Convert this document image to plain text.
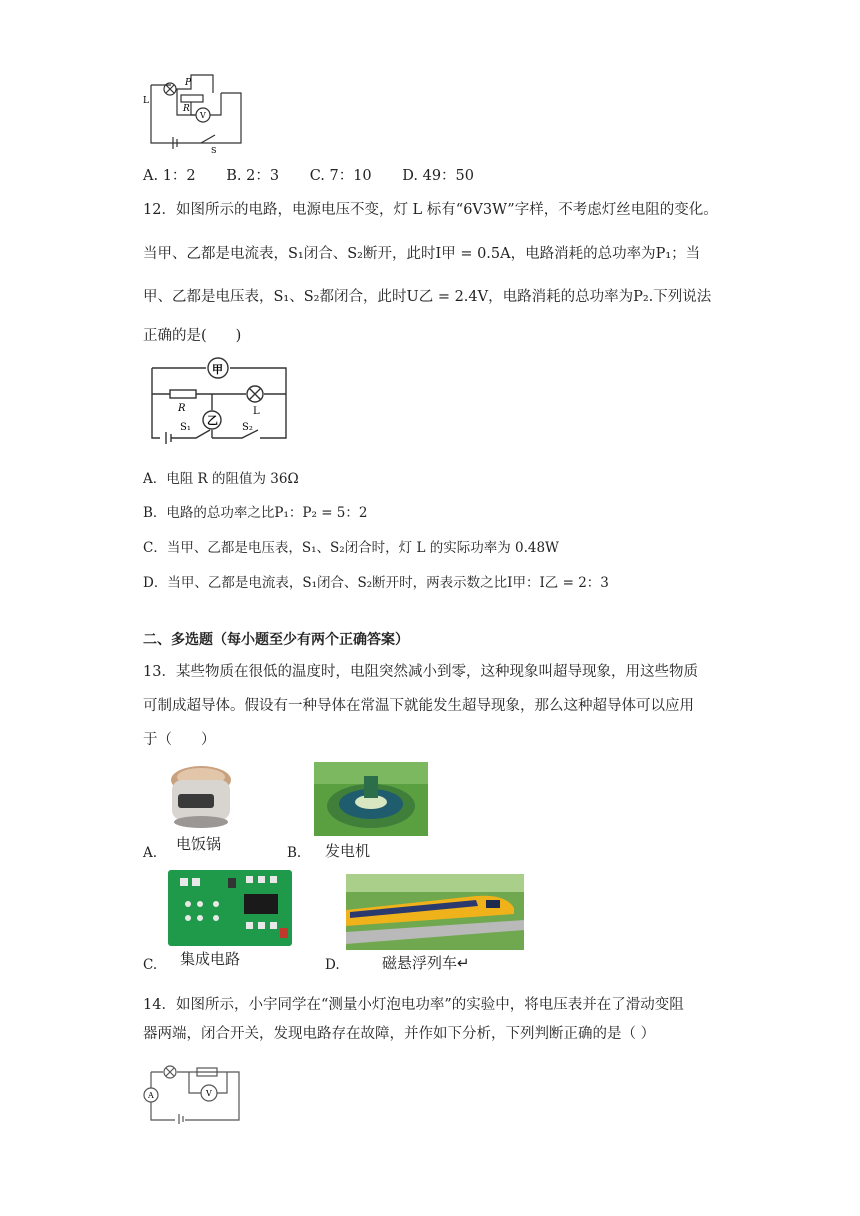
L
P
R
V
S
A. 1：2 B. 2：3 C. 7：10 D. 49：50
12．如图所示的电路，电源电压不变，灯 L 标有“6V3W”字样，不考虑灯丝电阻的变化。
当甲、乙都是电流表，S₁闭合、S₂断开，此时I甲 = 0.5A，电路消耗的总功率为P₁；当
甲、乙都是电压表，S₁、S₂都闭合，此时U乙 = 2.4V，电路消耗的总功率为P₂.下列说法
正确的是(　　)
甲
乙
R	L
S₁	S₂
A．电阻 R 的阻值为 36Ω
B．电路的总功率之比P₁：P₂ = 5：2
C．当甲、乙都是电压表，S₁、S₂闭合时，灯 L 的实际功率为 0.48W
D．当甲、乙都是电流表，S₁闭合、S₂断开时，两表示数之比I甲：I乙 = 2：3
二、多选题（每小题至少有两个正确答案）
13．某些物质在很低的温度时，电阻突然减小到零，这种现象叫超导现象，用这些物质
可制成超导体。假设有一种导体在常温下就能发生超导现象，那么这种超导体可以应用
于（　　）
A. 电饭锅	B. 发电机
C. 集成电路	D.	磁悬浮列车↵
14．如图所示，小宇同学在“测量小灯泡电功率”的实验中，将电压表并在了滑动变阻
器两端，闭合开关，发现电路存在故障，并作如下分析，下列判断正确的是（ ）
A	V
